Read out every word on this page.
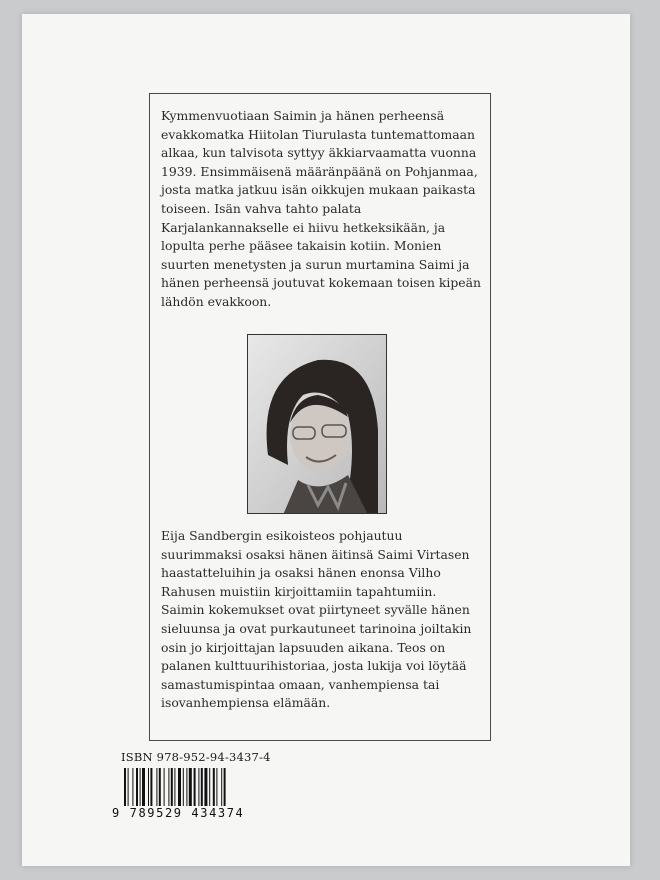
Kymmenvuotiaan Saimin ja hänen perheensä evakkomatka Hiitolan Tiurulasta tuntemattomaan alkaa, kun talvisota syttyy äkkiarvaamatta vuonna 1939. Ensimmäisenä määränpäänä on Pohjanmaa, josta matka jatkuu isän oikkujen mukaan paikasta toiseen. Isän vahva tahto palata Karjalankannakselle ei hiivu hetkeksikään, ja lopulta perhe pääsee takaisin kotiin. Monien suurten menetysten ja surun murtamina Saimi ja hänen perheensä joutuvat kokemaan toisen kipeän lähdön evakkoon.

Eija Sandbergin esikoisteos pohjautuu suurimmaksi osaksi hänen äitinsä Saimi Virtasen haastatteluihin ja osaksi hänen enonsa Vilho Rahusen muistiin kirjoittamiin tapahtumiin. Saimin kokemukset ovat piirtyneet syvälle hänen sieluunsa ja ovat purkautuneet tarinoina joiltakin osin jo kirjoittajan lapsuuden aikana. Teos on palanen kulttuurihistoriaa, josta lukija voi löytää samastumispintaa omaan, vanhempiensa tai isovanhempiensa elämään.

ISBN 978-952-94-3437-4
9 789529 434374
